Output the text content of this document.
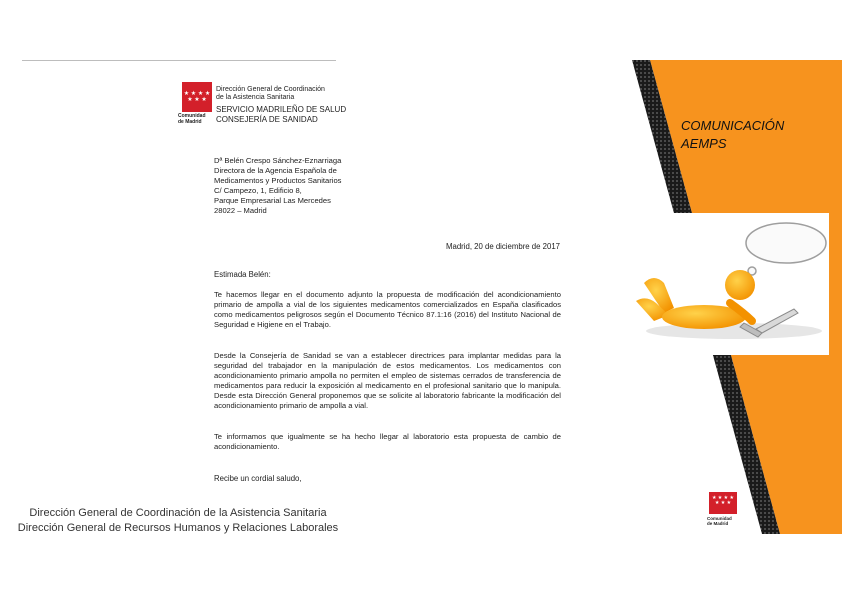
★ ★ ★ ★
★ ★ ★
Comunidad
de Madrid
Dirección General de Coordinación
de la Asistencia Sanitaria
SERVICIO MADRILEÑO DE SALUD
CONSEJERÍA DE SANIDAD
Dª Belén Crespo Sánchez-Eznarriaga
Directora de la Agencia Española de
Medicamentos y Productos Sanitarios
C/ Campezo, 1, Edificio 8,
Parque Empresarial Las Mercedes
28022 – Madrid
Madrid, 20 de diciembre de 2017
Estimada Belén:

Te hacemos llegar en el documento adjunto la propuesta de modificación del acondicionamiento primario de ampolla a vial de los siguientes medicamentos comercializados en España clasificados como medicamentos peligrosos según el Documento Técnico 87.1:16 (2016) del Instituto Nacional de Seguridad e Higiene en el Trabajo.

Desde la Consejería de Sanidad se van a establecer directrices para implantar medidas para la seguridad del trabajador en la manipulación de estos medicamentos. Los medicamentos con acondicionamiento primario ampolla no permiten el empleo de sistemas cerrados de transferencia de medicamentos para reducir la exposición al medicamento en el profesional sanitario que lo manipula. Desde esta Dirección General proponemos que se solicite al laboratorio fabricante la modificación del acondicionamiento primario de ampolla a vial.

Te informamos que igualmente se ha hecho llegar al laboratorio esta propuesta de cambio de acondicionamiento.

Recibe un cordial saludo,
Dirección General de Coordinación de la Asistencia Sanitaria
Dirección General de Recursos Humanos y Relaciones Laborales
COMUNICACIÓN
AEMPS
★ ★ ★ ★
★ ★ ★
Comunidad
de Madrid
